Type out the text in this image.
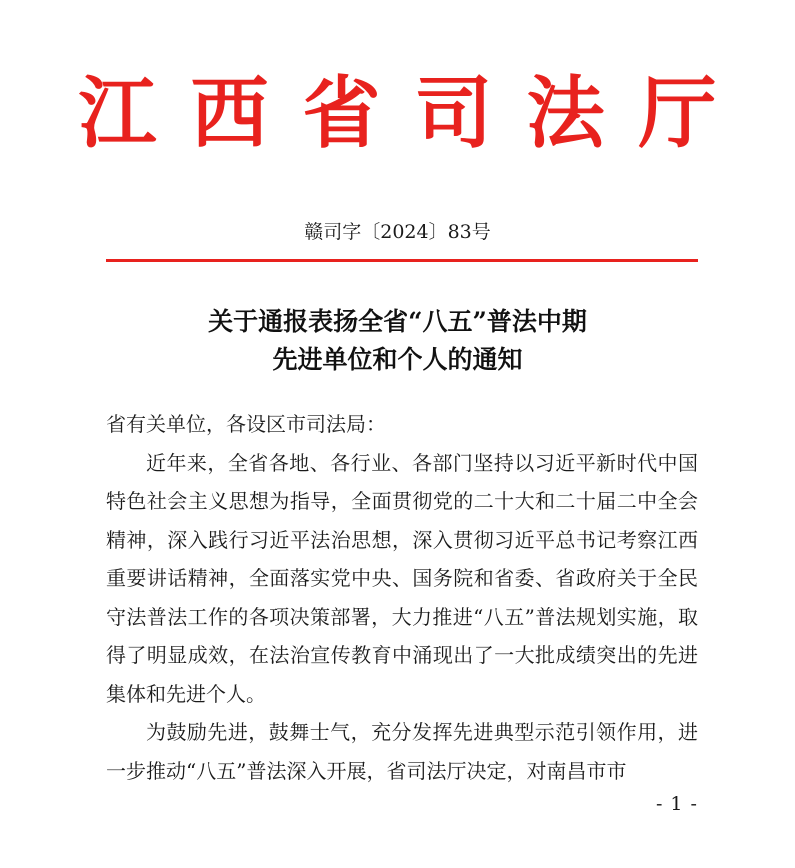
江西省司法厅
赣司字〔2024〕83号
关于通报表扬全省“八五”普法中期
先进单位和个人的通知

省有关单位，各设区市司法局：

近年来，全省各地、各行业、各部门坚持以习近平新时代中国特色社会主义思想为指导，全面贯彻党的二十大和二十届二中全会精神，深入践行习近平法治思想，深入贯彻习近平总书记考察江西重要讲话精神，全面落实党中央、国务院和省委、省政府关于全民守法普法工作的各项决策部署，大力推进“八五”普法规划实施，取得了明显成效，在法治宣传教育中涌现出了一大批成绩突出的先进集体和先进个人。

为鼓励先进，鼓舞士气，充分发挥先进典型示范引领作用，进一步推动“八五”普法深入开展，省司法厅决定，对南昌市市

- 1 -
